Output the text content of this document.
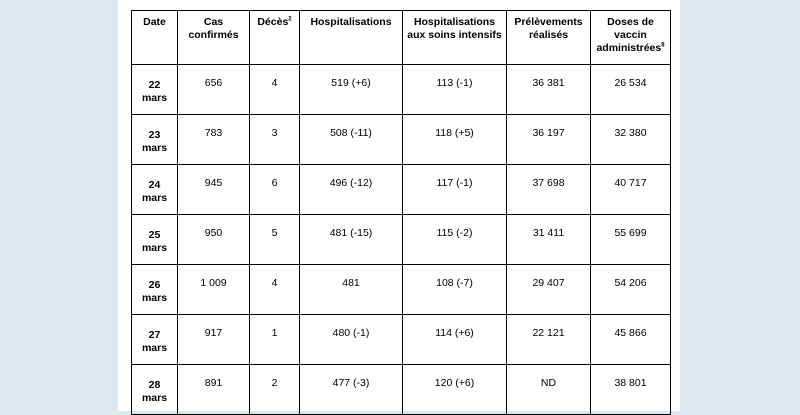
Date	Cas confirmés	Décès$^2$	Hospitalisations	Hospitalisations aux soins intensifs	Prélèvements réalisés	Doses de vaccin administrées$^8$
22 mars	656	4	519 (+6)	113 (-1)	36 381	26 534
23 mars	783	3	508 (-11)	118 (+5)	36 197	32 380
24 mars	945	6	496 (-12)	117 (-1)	37 698	40 717
25 mars	950	5	481 (-15)	115 (-2)	31 411	55 699
26 mars	1 009	4	481	108 (-7)	29 407	54 206
27 mars	917	1	480 (-1)	114 (+6)	22 121	45 866
28 mars	891	2	477 (-3)	120 (+6)	ND	38 801
